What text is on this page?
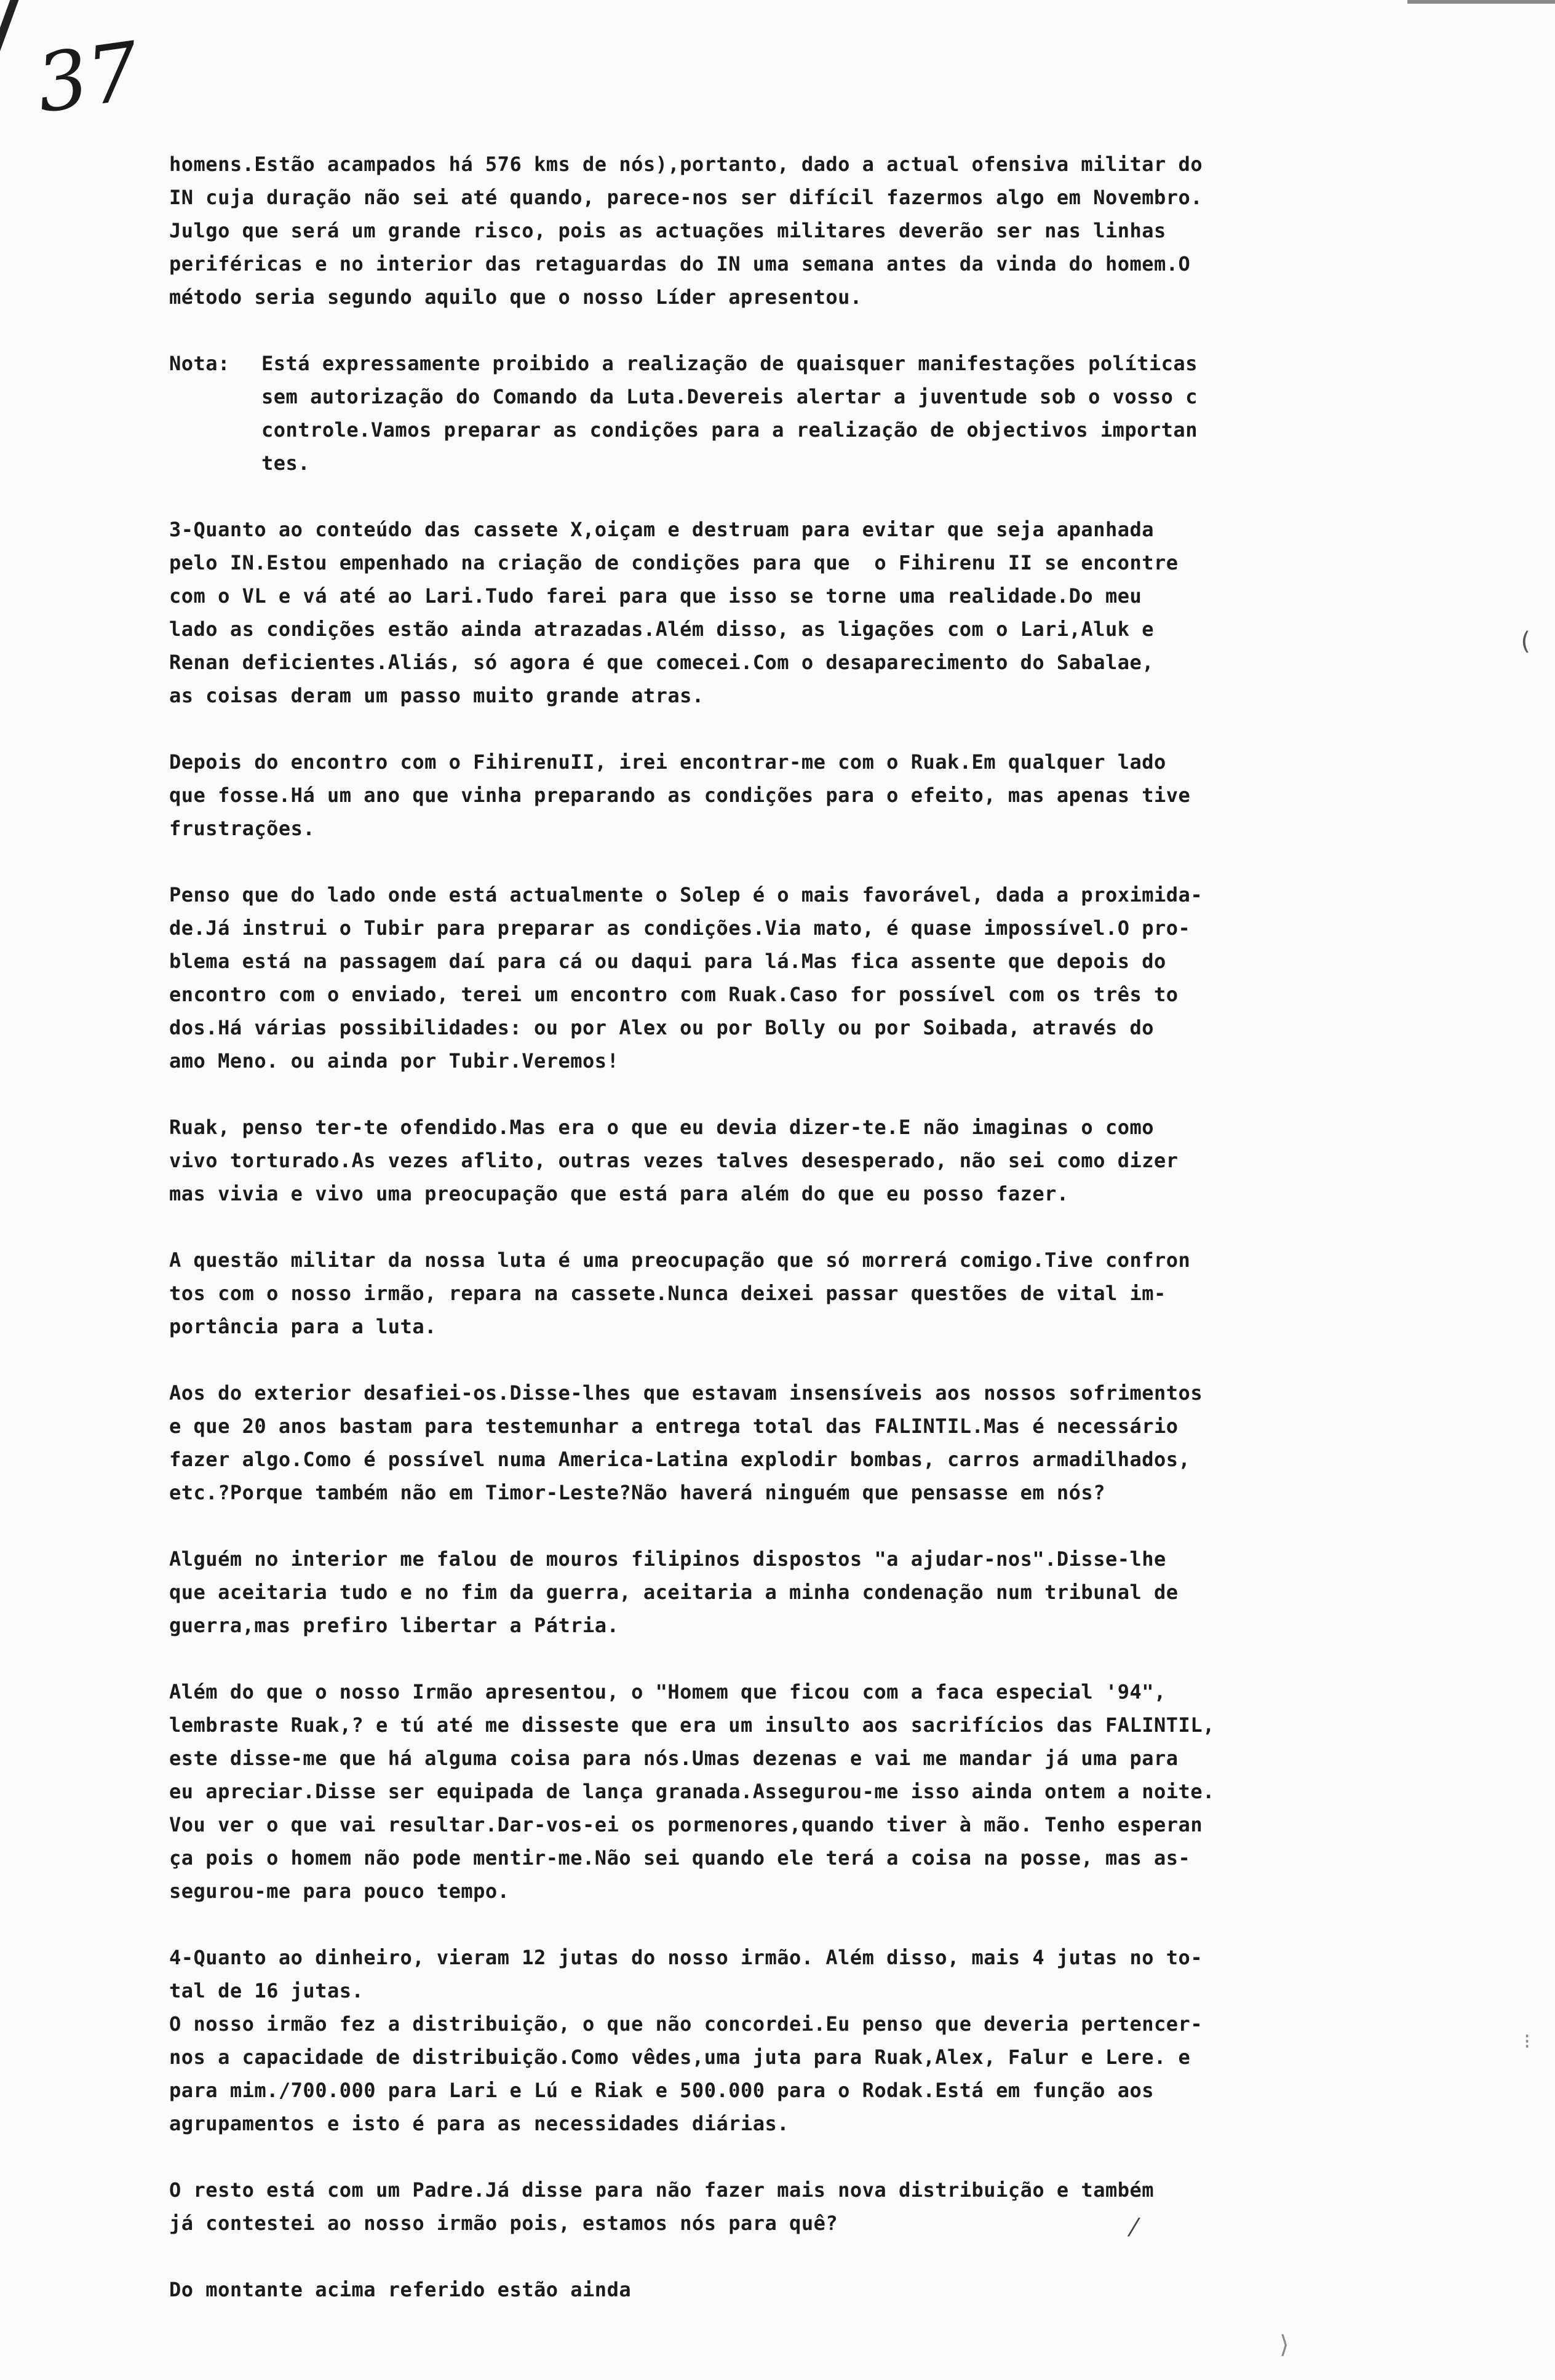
37

homens.Estão acampados há 576 kms de nós),portanto, dado a actual ofensiva militar do
IN cuja duração não sei até quando, parece-nos ser difícil fazermos algo em Novembro.
Julgo que será um grande risco, pois as actuações militares deverão ser nas linhas
periféricas e no interior das retaguardas do IN uma semana antes da vinda do homem.O
método seria segundo aquilo que o nosso Líder apresentou.

Nota:	Está expressamente proibido a realização de quaisquer manifestações políticas
sem autorização do Comando da Luta.Devereis alertar a juventude sob o vosso c
controle.Vamos preparar as condições para a realização de objectivos importan
tes.

3-Quanto ao conteúdo das cassete X,oiçam e destruam para evitar que seja apanhada
pelo IN.Estou empenhado na criação de condições para que  o Fihirenu II se encontre
com o VL e vá até ao Lari.Tudo farei para que isso se torne uma realidade.Do meu
lado as condições estão ainda atrazadas.Além disso, as ligações com o Lari,Aluk e
Renan deficientes.Aliás, só agora é que comecei.Com o desaparecimento do Sabalae,
as coisas deram um passo muito grande atras.

Depois do encontro com o FihirenuII, irei encontrar-me com o Ruak.Em qualquer lado
que fosse.Há um ano que vinha preparando as condições para o efeito, mas apenas tive
frustrações.

Penso que do lado onde está actualmente o Solep é o mais favorável, dada a proximida-
de.Já instrui o Tubir para prepa​rar as condições.Via mato, é quase impossível.O pro-
blema está na passagem daí para cá ou daqui para lá.Mas fica assente que depois do
encontro com o enviado, terei um encontro com Ruak.Caso for possível com os três to
dos.Há várias possibilidades: ou por Alex ou por Bolly ou por Soibada, através do
amo Meno. ou ainda por Tubir.Veremos!

Ruak, penso ter-te ofendido.Mas era o que eu devia dizer-te.E não imaginas o como
vivo torturado.As vezes aflito, outras vezes talves desesperado, não sei como dizer
mas vivia e vivo uma preocupação que está para além do que eu posso fazer.

A questão militar da nossa luta é uma preocupação que só morrerá comigo.Tive confron
tos com o nosso irmão, repara na cassete.Nunca deixei passar questões de vital im-
portância para a luta.

Aos do exterior desafiei-os.Disse-lhes que estavam insensíveis aos nossos sofrimentos
e que 20 anos bastam para testemunhar a entrega total das FALINTIL.Mas é necessário
fazer algo.Como é possível numa America-Latina explodir bombas, carros armadilhados,
etc.?Porque também não em Timor-Leste?Não haverá ninguém que pensasse em nós?

Alguém no interior me falou de mouros filipinos dispostos "a ajudar-nos".Disse-lhe
que aceitaria tudo e no fim da guerra, aceitaria a minha condenação num tribunal de
guerra,mas prefiro libertar a Pátria.

Além do que o nosso Irmão apresentou, o "Homem que ficou com a faca especial '94",
lembraste Ruak,? e tú até me disseste que era um insulto aos sacrifícios das FALINTIL,
este disse-me que há alguma coisa para nós.Umas dezenas e vai me mandar já uma para
eu apreciar.Disse ser equipada de lança granada.Assegurou-me isso ainda ontem a noite.
Vou ver o que vai resultar.Dar-vos-ei os pormenores,quando tiver à mão. Tenho esperan
ça pois o homem não pode mentir-me.Não sei quando ele terá a coisa na posse, mas as-
segurou-me para pouco tempo.

4-Quanto ao dinheiro, vieram 12 jutas do nosso irmão. Além disso, mais 4 jutas no to-
tal de 16 jutas.
O nosso irmão fez a distribuição, o que não concordei.Eu penso que deveria pertencer-
nos a capacidade de distribuição.Como vêdes,uma juta para Ruak,Alex, Falur e Lere. e
para mim./700.000 para Lari e Lú e Riak e 500.000 para o Rodak.Está em função aos
agrupamentos e isto é para as necessidades diárias.

O resto está com um Padre.Já disse para não fazer mais nova distribuição e também
já contestei ao nosso irmão pois, estamos nós para quê?

Do montante acima referido estão ainda

(
⁝
⁄
⟩
